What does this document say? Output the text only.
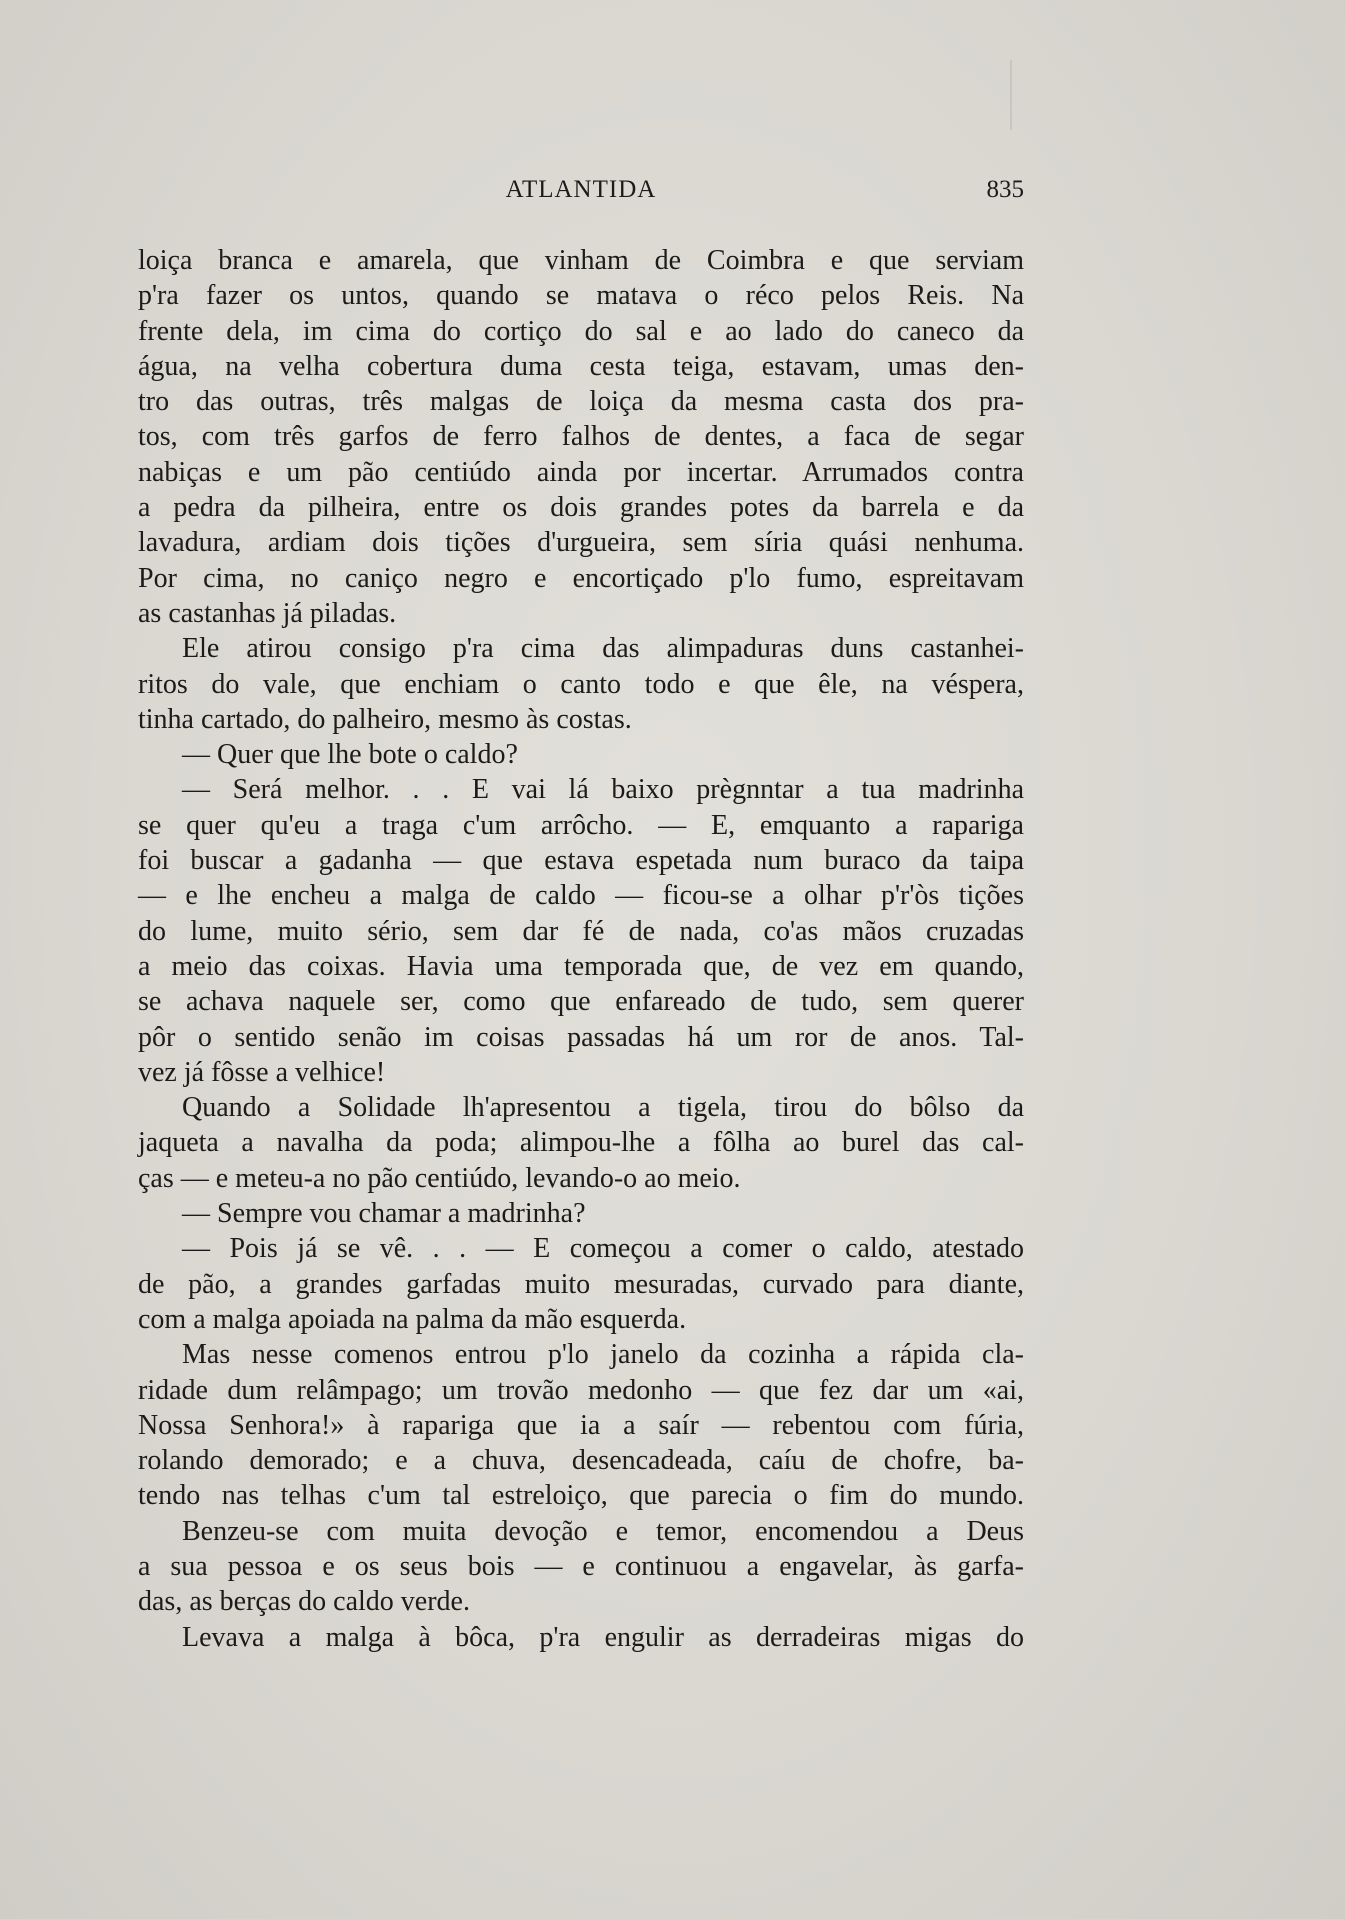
ATLANTIDA	835
loiça branca e amarela, que vinham de Coimbra e que serviam
p'ra fazer os untos, quando se matava o réco pelos Reis. Na
frente dela, im cima do cortiço do sal e ao lado do caneco da
água, na velha cobertura duma cesta teiga, estavam, umas den-
tro das outras, três malgas de loiça da mesma casta dos pra-
tos, com três garfos de ferro falhos de dentes, a faca de segar
nabiças e um pão centiúdo ainda por incertar. Arrumados contra
a pedra da pilheira, entre os dois grandes potes da barrela e da
lavadura, ardiam dois tições d'urgueira, sem síria quási nenhuma.
Por cima, no caniço negro e encortiçado p'lo fumo, espreitavam
as castanhas já piladas.
Ele atirou consigo p'ra cima das alimpaduras duns castanhei-
ritos do vale, que enchiam o canto todo e que êle, na véspera,
tinha cartado, do palheiro, mesmo às costas.
— Quer que lhe bote o caldo?
— Será melhor. . . E vai lá baixo prègnntar a tua madrinha
se quer qu'eu a traga c'um arrôcho. — E, emquanto a rapariga
foi buscar a gadanha — que estava espetada num buraco da taipa
— e lhe encheu a malga de caldo — ficou-se a olhar p'r'òs tições
do lume, muito sério, sem dar fé de nada, co'as mãos cruzadas
a meio das coixas. Havia uma temporada que, de vez em quando,
se achava naquele ser, como que enfareado de tudo, sem querer
pôr o sentido senão im coisas passadas há um ror de anos. Tal-
vez já fôsse a velhice!
Quando a Solidade lh'apresentou a tigela, tirou do bôlso da
jaqueta a navalha da poda; alimpou-lhe a fôlha ao burel das cal-
ças — e meteu-a no pão centiúdo, levando-o ao meio.
— Sempre vou chamar a madrinha?
— Pois já se vê. . . — E começou a comer o caldo, atestado
de pão, a grandes garfadas muito mesuradas, curvado para diante,
com a malga apoiada na palma da mão esquerda.
Mas nesse comenos entrou p'lo janelo da cozinha a rápida cla-
ridade dum relâmpago; um trovão medonho — que fez dar um «ai,
Nossa Senhora!» à rapariga que ia a saír — rebentou com fúria,
rolando demorado; e a chuva, desencadeada, caíu de chofre, ba-
tendo nas telhas c'um tal estreloiço, que parecia o fim do mundo.
Benzeu-se com muita devoção e temor, encomendou a Deus
a sua pessoa e os seus bois — e continuou a engavelar, às garfa-
das, as berças do caldo verde.
Levava a malga à bôca, p'ra engulir as derradeiras migas do
